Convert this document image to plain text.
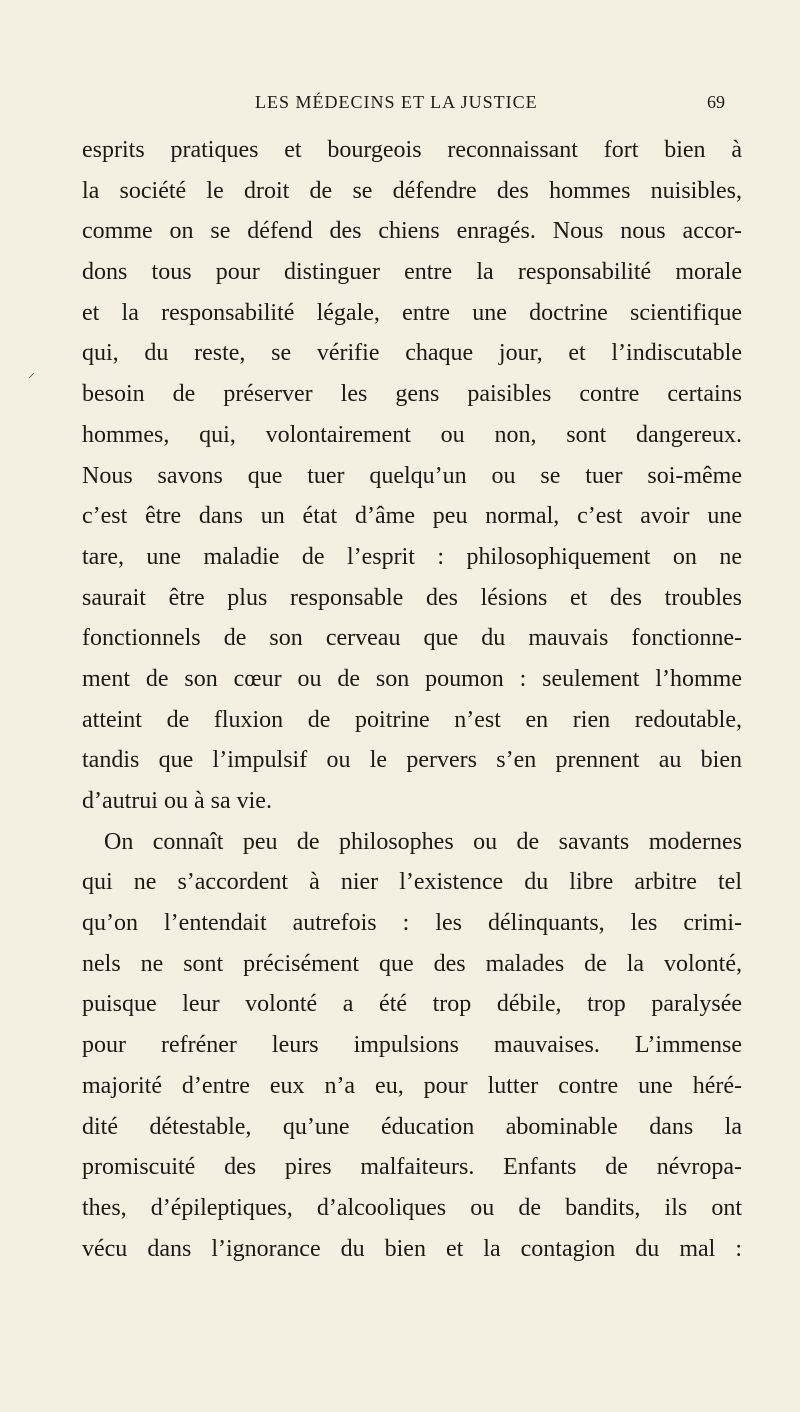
LES MÉDECINS ET LA JUSTICE	69
⸝
esprits pratiques et bourgeois reconnaissant fort bien à
la société le droit de se défendre des hommes nuisibles,
comme on se défend des chiens enragés. Nous nous accor-
dons tous pour distinguer entre la responsabilité morale
et la responsabilité légale, entre une doctrine scientifique
qui, du reste, se vérifie chaque jour, et l’indiscutable
besoin de préserver les gens paisibles contre certains
hommes, qui, volontairement ou non, sont dangereux.
Nous savons que tuer quelqu’un ou se tuer soi-même
c’est être dans un état d’âme peu normal, c’est avoir une
tare, une maladie de l’esprit : philosophiquement on ne
saurait être plus responsable des lésions et des troubles
fonctionnels de son cerveau que du mauvais fonctionne-
ment de son cœur ou de son poumon : seulement l’homme
atteint de fluxion de poitrine n’est en rien redoutable,
tandis que l’impulsif ou le pervers s’en prennent au bien
d’autrui ou à sa vie.
On connaît peu de philosophes ou de savants modernes
qui ne s’accordent à nier l’existence du libre arbitre tel
qu’on l’entendait autrefois : les délinquants, les crimi-
nels ne sont précisément que des malades de la volonté,
puisque leur volonté a été trop débile, trop paralysée
pour refréner leurs impulsions mauvaises. L’immense
majorité d’entre eux n’a eu, pour lutter contre une héré-
dité détestable, qu’une éducation abominable dans la
promiscuité des pires malfaiteurs. Enfants de névropa-
thes, d’épileptiques, d’alcooliques ou de bandits, ils ont
vécu dans l’ignorance du bien et la contagion du mal :
